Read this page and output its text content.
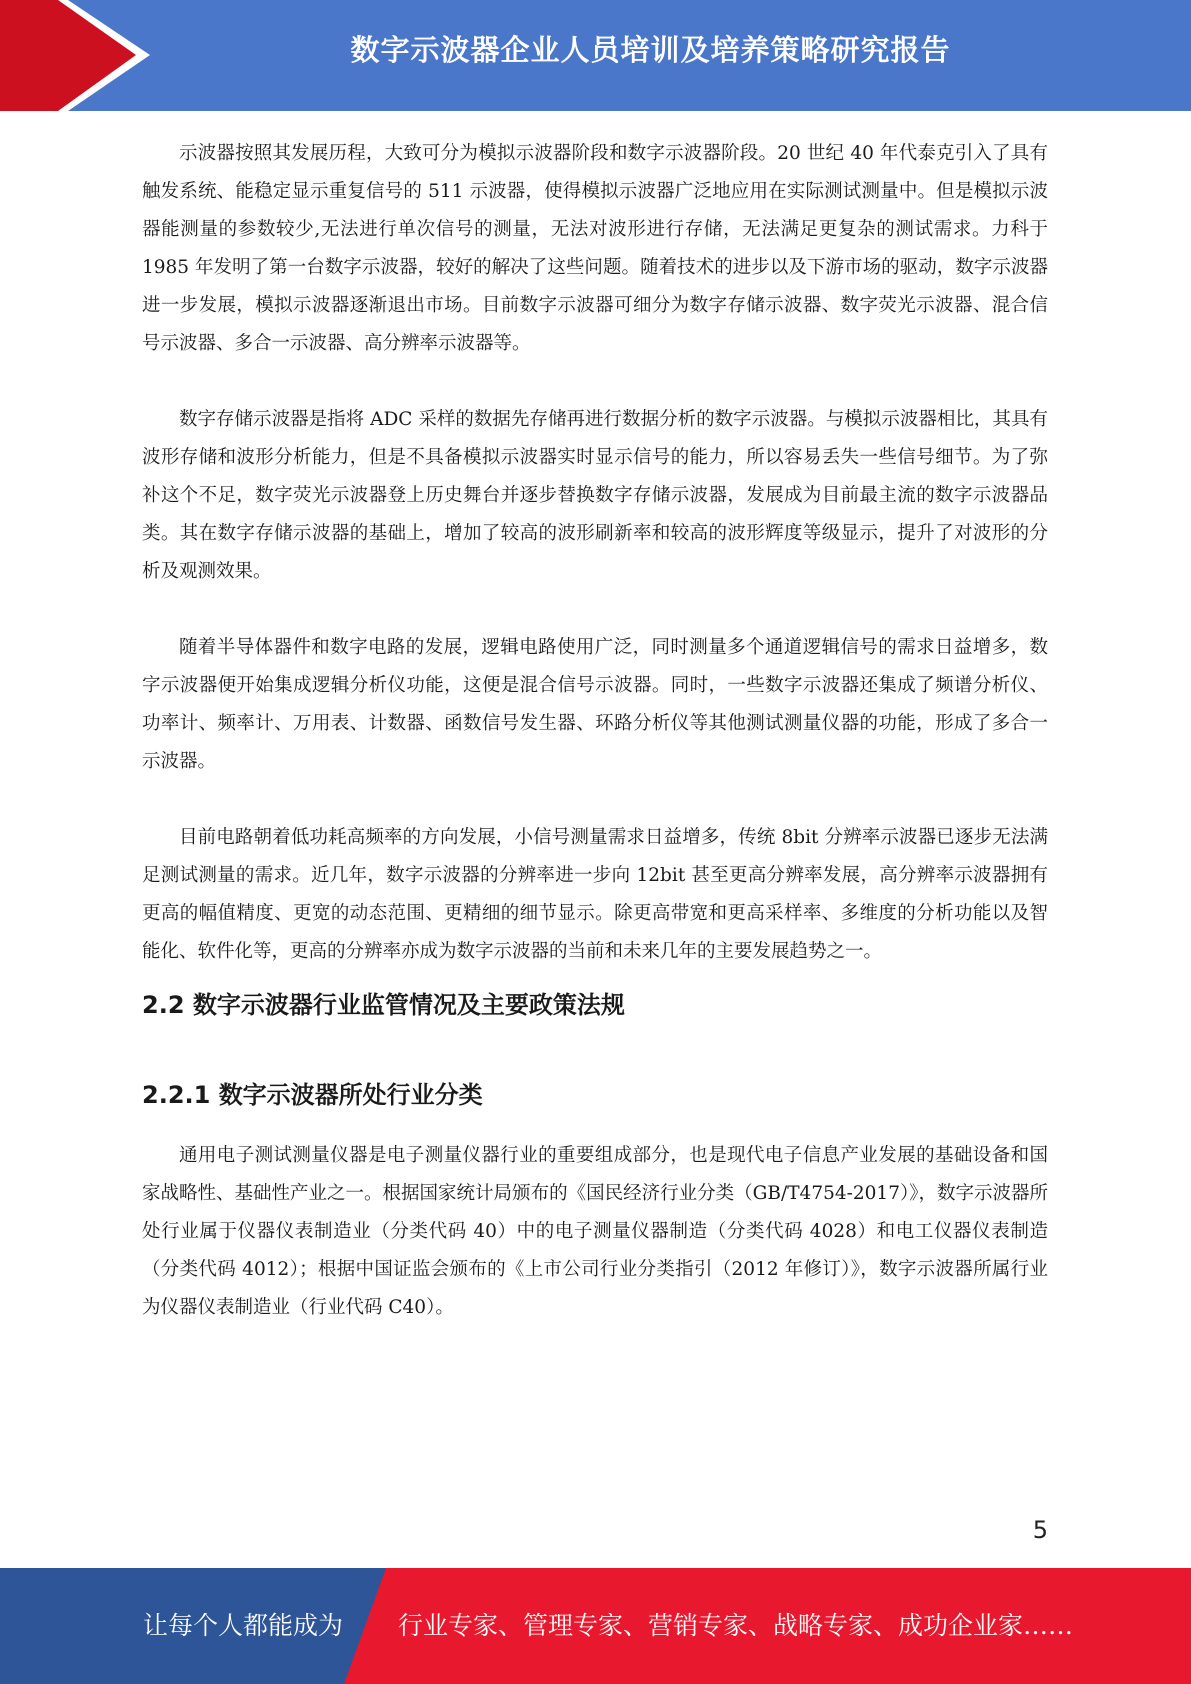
数字示波器企业人员培训及培养策略研究报告

示波器按照其发展历程，大致可分为模拟示波器阶段和数字示波器阶段。20 世纪 40 年代泰克引入了具有触发系统、能稳定显示重复信号的 511 示波器，使得模拟示波器广泛地应用在实际测试测量中。但是模拟示波器能测量的参数较少,无法进行单次信号的测量，无法对波形进行存储，无法满足更复杂的测试需求。力科于 1985 年发明了第一台数字示波器，较好的解决了这些问题。随着技术的进步以及下游市场的驱动，数字示波器进一步发展，模拟示波器逐渐退出市场。目前数字示波器可细分为数字存储示波器、数字荧光示波器、混合信号示波器、多合一示波器、高分辨率示波器等。

数字存储示波器是指将 ADC 采样的数据先存储再进行数据分析的数字示波器。与模拟示波器相比，其具有波形存储和波形分析能力，但是不具备模拟示波器实时显示信号的能力，所以容易丢失一些信号细节。为了弥补这个不足，数字荧光示波器登上历史舞台并逐步替换数字存储示波器，发展成为目前最主流的数字示波器品类。其在数字存储示波器的基础上，增加了较高的波形刷新率和较高的波形辉度等级显示，提升了对波形的分析及观测效果。

随着半导体器件和数字电路的发展，逻辑电路使用广泛，同时测量多个通道逻辑信号的需求日益增多，数字示波器便开始集成逻辑分析仪功能，这便是混合信号示波器。同时，一些数字示波器还集成了频谱分析仪、功率计、频率计、万用表、计数器、函数信号发生器、环路分析仪等其他测试测量仪器的功能，形成了多合一示波器。

目前电路朝着低功耗高频率的方向发展，小信号测量需求日益增多，传统 8bit 分辨率示波器已逐步无法满足测试测量的需求。近几年，数字示波器的分辨率进一步向 12bit 甚至更高分辨率发展，高分辨率示波器拥有更高的幅值精度、更宽的动态范围、更精细的细节显示。除更高带宽和更高采样率、多维度的分析功能以及智能化、软件化等，更高的分辨率亦成为数字示波器的当前和未来几年的主要发展趋势之一。

2.2 数字示波器行业监管情况及主要政策法规
2.2.1 数字示波器所处行业分类

通用电子测试测量仪器是电子测量仪器行业的重要组成部分，也是现代电子信息产业发展的基础设备和国家战略性、基础性产业之一。根据国家统计局颁布的《国民经济行业分类（GB/T4754-2017）》，数字示波器所处行业属于仪器仪表制造业（分类代码 40）中的电子测量仪器制造（分类代码 4028）和电工仪器仪表制造（分类代码 4012）；根据中国证监会颁布的《上市公司行业分类指引（2012 年修订）》，数字示波器所属行业为仪器仪表制造业（行业代码 C40）。

5
让每个人都能成为 行业专家、管理专家、营销专家、战略专家、成功企业家……
